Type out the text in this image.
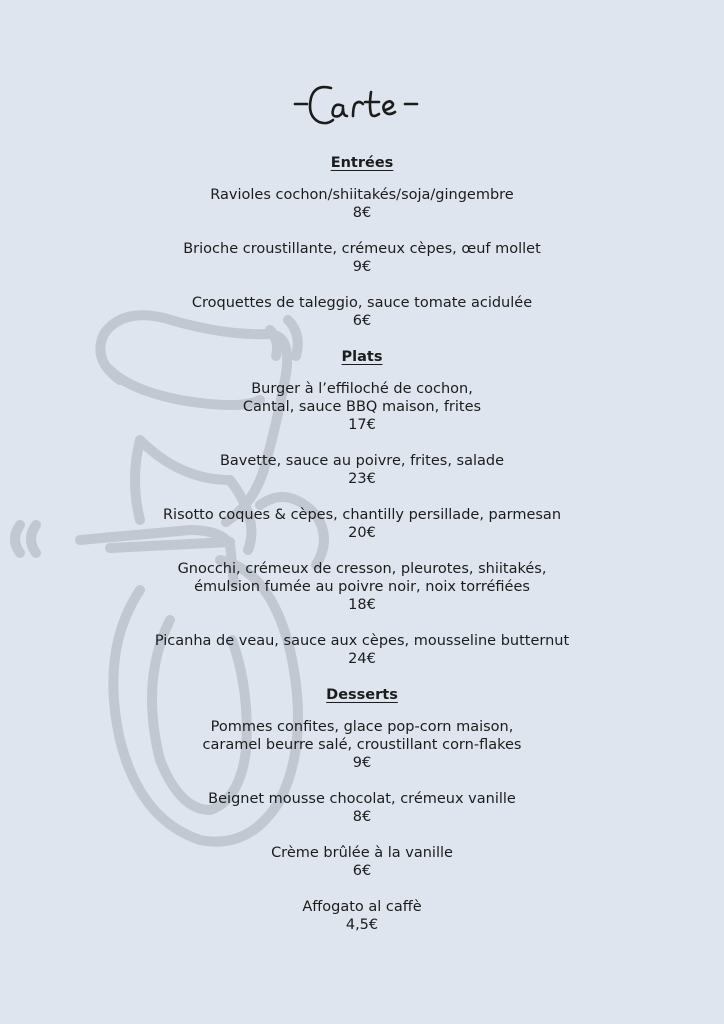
Entrées
Ravioles cochon/shiitakés/soja/gingembre
8€
Brioche croustillante, crémeux cèpes, œuf mollet
9€
Croquettes de taleggio, sauce tomate acidulée
6€
Plats
Burger à l’effiloché de cochon,
Cantal, sauce BBQ maison, frites
17€
Bavette, sauce au poivre, frites, salade
23€
Risotto coques & cèpes, chantilly persillade, parmesan
20€
Gnocchi, crémeux de cresson, pleurotes, shiitakés,
émulsion fumée au poivre noir, noix torréfiées
18€
Picanha de veau, sauce aux cèpes, mousseline butternut
24€
Desserts
Pommes confites, glace pop-corn maison,
caramel beurre salé, croustillant corn-flakes
9€
Beignet mousse chocolat, crémeux vanille
8€
Crème brûlée à la vanille
6€
Affogato al caffè
4,5€
